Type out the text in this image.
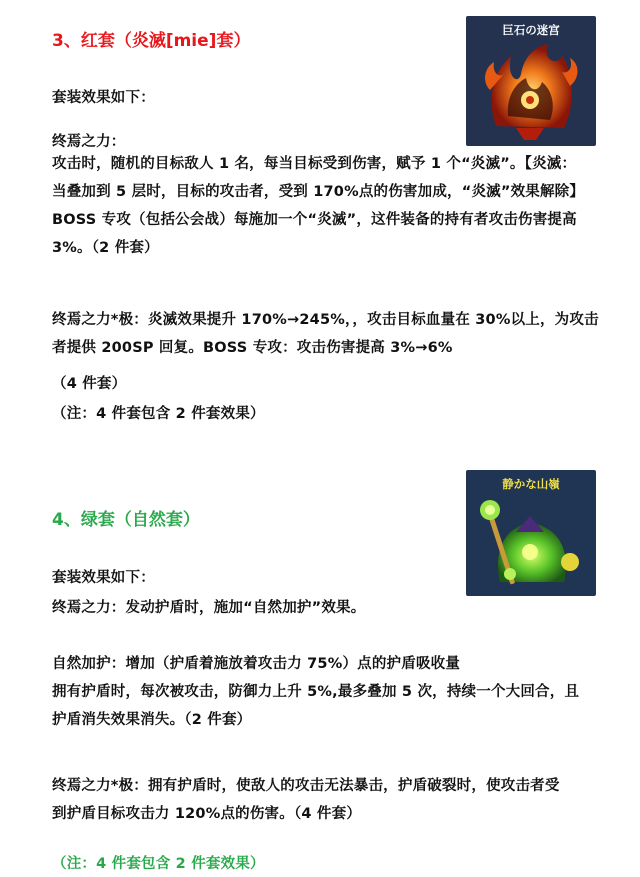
3、红套（炎滅[mie]套）
巨石の迷宫
套装效果如下：
终焉之力：

攻击时，随机的目标敌人 1 名，每当目标受到伤害，赋予 1 个“炎滅”。【炎滅：

当叠加到 5 层时，目标的攻击者，受到 170%点的伤害加成，“炎滅”效果解除】

BOSS 专攻（包括公会战）每施加一个“炎滅”，这件装备的持有者攻击伤害提高

3%。（2 件套）

终焉之力*极：炎滅效果提升 170%→245%，，攻击目标血量在 30%以上，为攻击

者提供 200SP 回复。BOSS 专攻：攻击伤害提高 3%→6%

（4 件套）
（注：4 件套包含 2 件套效果）
4、绿套（自然套）
静かな山嶺
套装效果如下：
终焉之力：发动护盾时，施加“自然加护”效果。

自然加护：增加（护盾着施放着攻击力 75%）点的护盾吸收量

拥有护盾时，每次被攻击，防御力上升 5%,最多叠加 5 次，持续一个大回合，且

护盾消失效果消失。（2 件套）

终焉之力*极：拥有护盾时，使敌人的攻击无法暴击，护盾破裂时，使攻击者受

到护盾目标攻击力 120%点的伤害。（4 件套）

（注：4 件套包含 2 件套效果）
